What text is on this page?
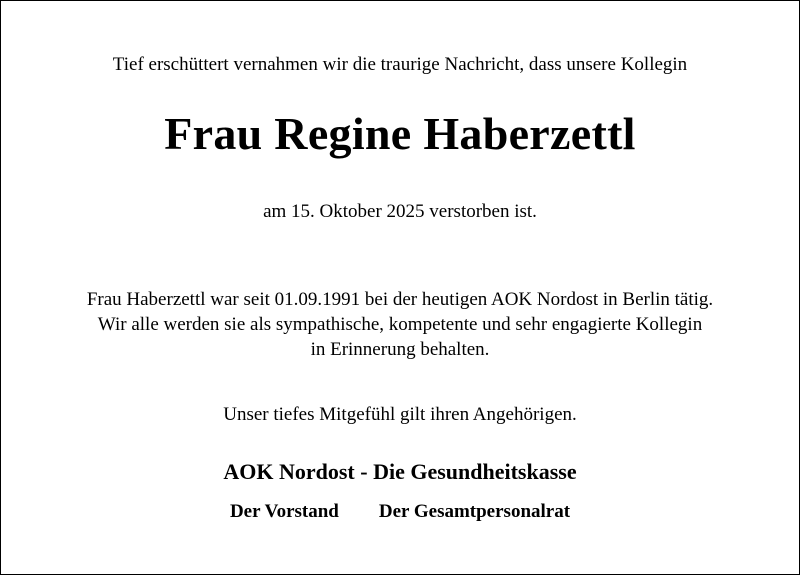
Tief erschüttert vernahmen wir die traurige Nachricht, dass unsere Kollegin

Frau Regine Haberzettl

am 15. Oktober 2025 verstorben ist.

Frau Haberzettl war seit 01.09.1991 bei der heutigen AOK Nordost in Berlin tätig.
Wir alle werden sie als sympathische, kompetente und sehr engagierte Kollegin
in Erinnerung behalten.

Unser tiefes Mitgefühl gilt ihren Angehörigen.

AOK Nordost - Die Gesundheitskasse

Der Vorstand Der Gesamtpersonalrat
